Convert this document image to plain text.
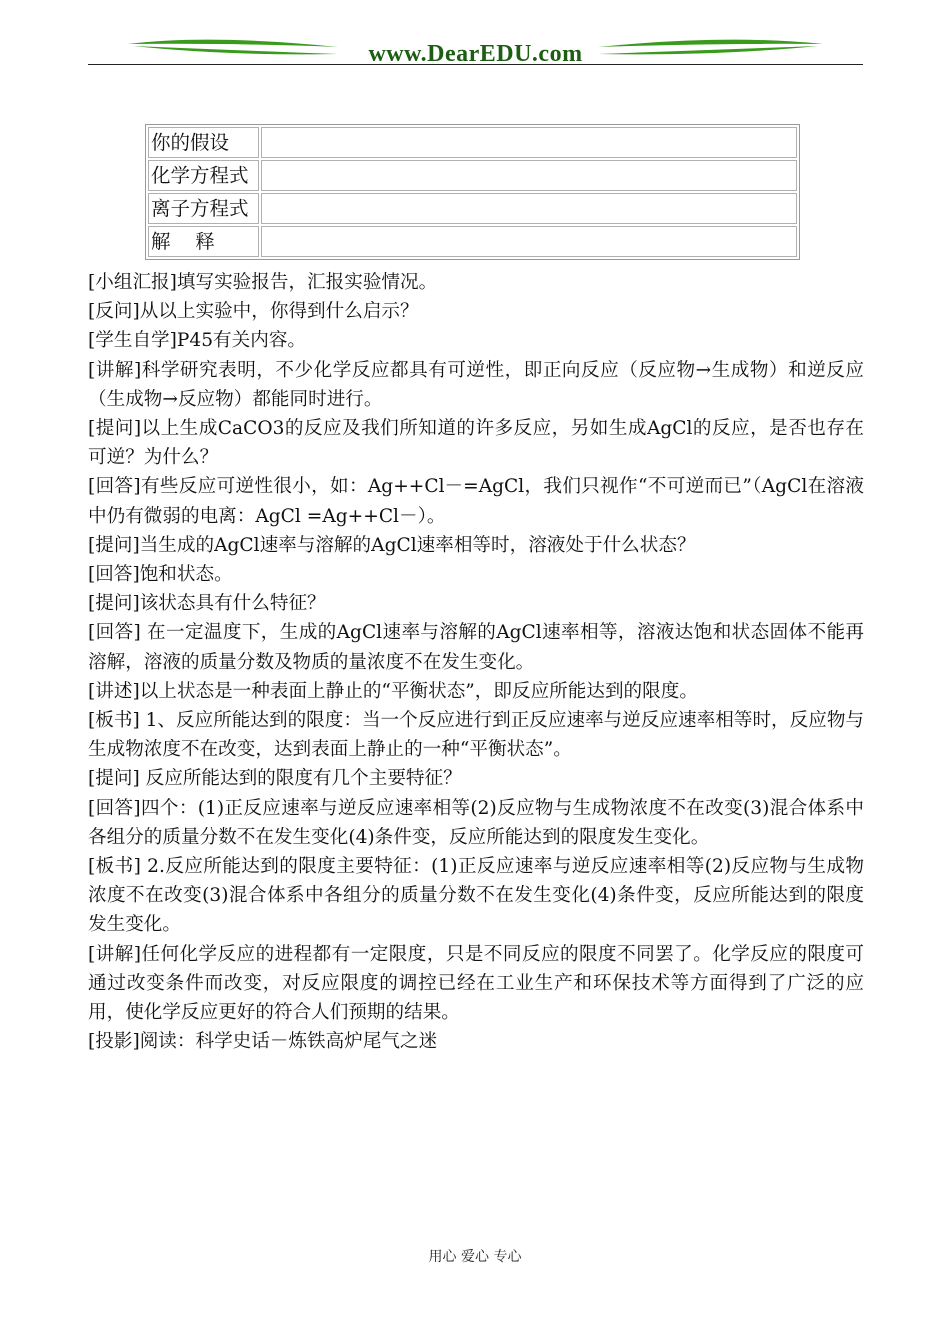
www.DearEDU.com
你的假设	
化学方程式	
离子方程式	
解    释	

[小组汇报]填写实验报告，汇报实验情况。

[反问]从以上实验中，你得到什么启示？

[学生自学]P45有关内容。

[讲解]科学研究表明，不少化学反应都具有可逆性，即正向反应（反应物→生成物）和逆反应（生成物→反应物）都能同时进行。

[提问]以上生成CaCO3的反应及我们所知道的许多反应，另如生成AgCl的反应，是否也存在可逆？为什么？

[回答]有些反应可逆性很小，如：Ag++Cl－=AgCl，我们只视作“不可逆而已”（AgCl在溶液中仍有微弱的电离：AgCl =Ag++Cl－）。

[提问]当生成的AgCl速率与溶解的AgCl速率相等时，溶液处于什么状态？

[回答]饱和状态。

[提问]该状态具有什么特征？

[回答] 在一定温度下，生成的AgCl速率与溶解的AgCl速率相等，溶液达饱和状态固体不能再溶解，溶液的质量分数及物质的量浓度不在发生变化。

[讲述]以上状态是一种表面上静止的“平衡状态”，即反应所能达到的限度。

[板书] 1、反应所能达到的限度：当一个反应进行到正反应速率与逆反应速率相等时，反应物与生成物浓度不在改变，达到表面上静止的一种“平衡状态”。

[提问] 反应所能达到的限度有几个主要特征？

[回答]四个：(1)正反应速率与逆反应速率相等(2)反应物与生成物浓度不在改变(3)混合体系中各组分的质量分数不在发生变化(4)条件变，反应所能达到的限度发生变化。

[板书] 2.反应所能达到的限度主要特征：(1)正反应速率与逆反应速率相等(2)反应物与生成物浓度不在改变(3)混合体系中各组分的质量分数不在发生变化(4)条件变，反应所能达到的限度发生变化。

[讲解]任何化学反应的进程都有一定限度，只是不同反应的限度不同罢了。化学反应的限度可通过改变条件而改变，对反应限度的调控已经在工业生产和环保技术等方面得到了广泛的应用，使化学反应更好的符合人们预期的结果。

[投影]阅读：科学史话－炼铁高炉尾气之迷

用心 爱心 专心
